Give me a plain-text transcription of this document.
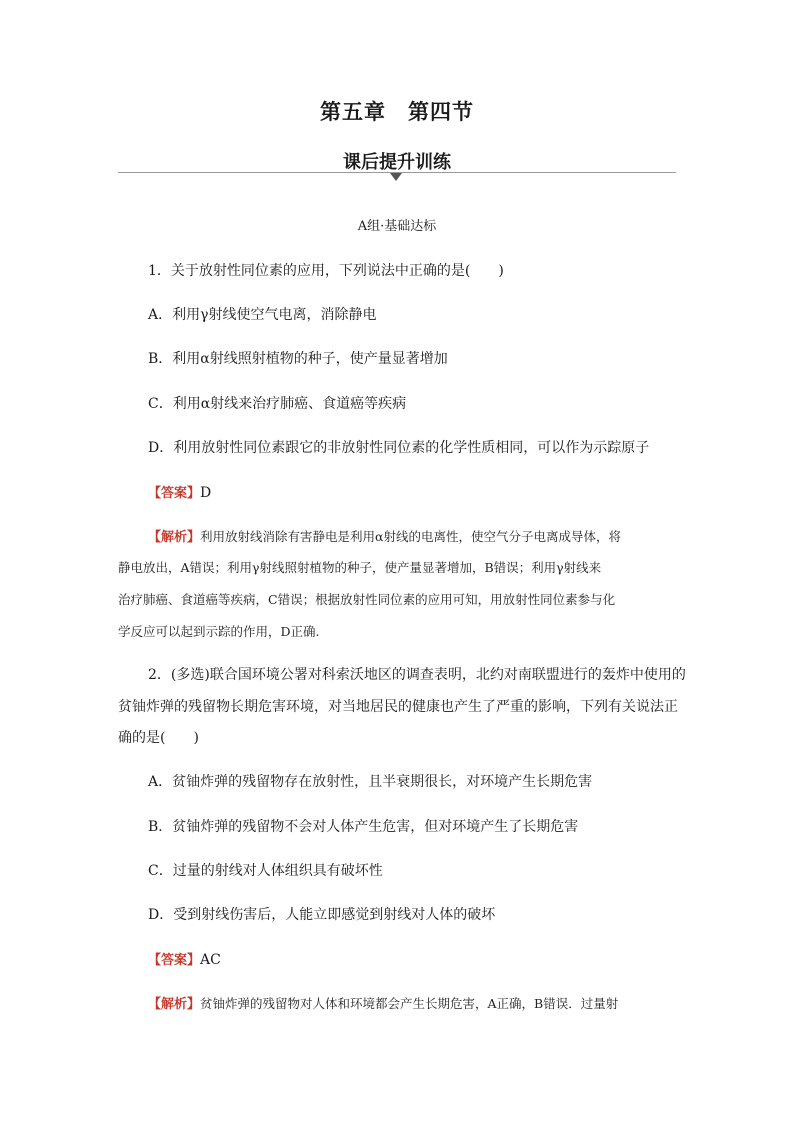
第五章 第四节
课后提升训练
A组·基础达标
1．关于放射性同位素的应用，下列说法中正确的是(　　)
A．利用γ射线使空气电离，消除静电
B．利用α射线照射植物的种子，使产量显著增加
C．利用α射线来治疗肺癌、食道癌等疾病
D．利用放射性同位素跟它的非放射性同位素的化学性质相同，可以作为示踪原子
【答案】D
【解析】利用放射线消除有害静电是利用α射线的电离性，使空气分子电离成导体，将
静电放出，A错误；利用γ射线照射植物的种子，使产量显著增加，B错误；利用γ射线来
治疗肺癌、食道癌等疾病，C错误；根据放射性同位素的应用可知，用放射性同位素参与化
学反应可以起到示踪的作用，D正确.
2．(多选)联合国环境公署对科索沃地区的调查表明，北约对南联盟进行的轰炸中使用的
贫铀炸弹的残留物长期危害环境，对当地居民的健康也产生了严重的影响，下列有关说法正
确的是(　　)
A．贫铀炸弹的残留物存在放射性，且半衰期很长，对环境产生长期危害
B．贫铀炸弹的残留物不会对人体产生危害，但对环境产生了长期危害
C．过量的射线对人体组织具有破坏性
D．受到射线伤害后，人能立即感觉到射线对人体的破坏
【答案】AC
【解析】贫铀炸弹的残留物对人体和环境都会产生长期危害，A正确，B错误．过量射
